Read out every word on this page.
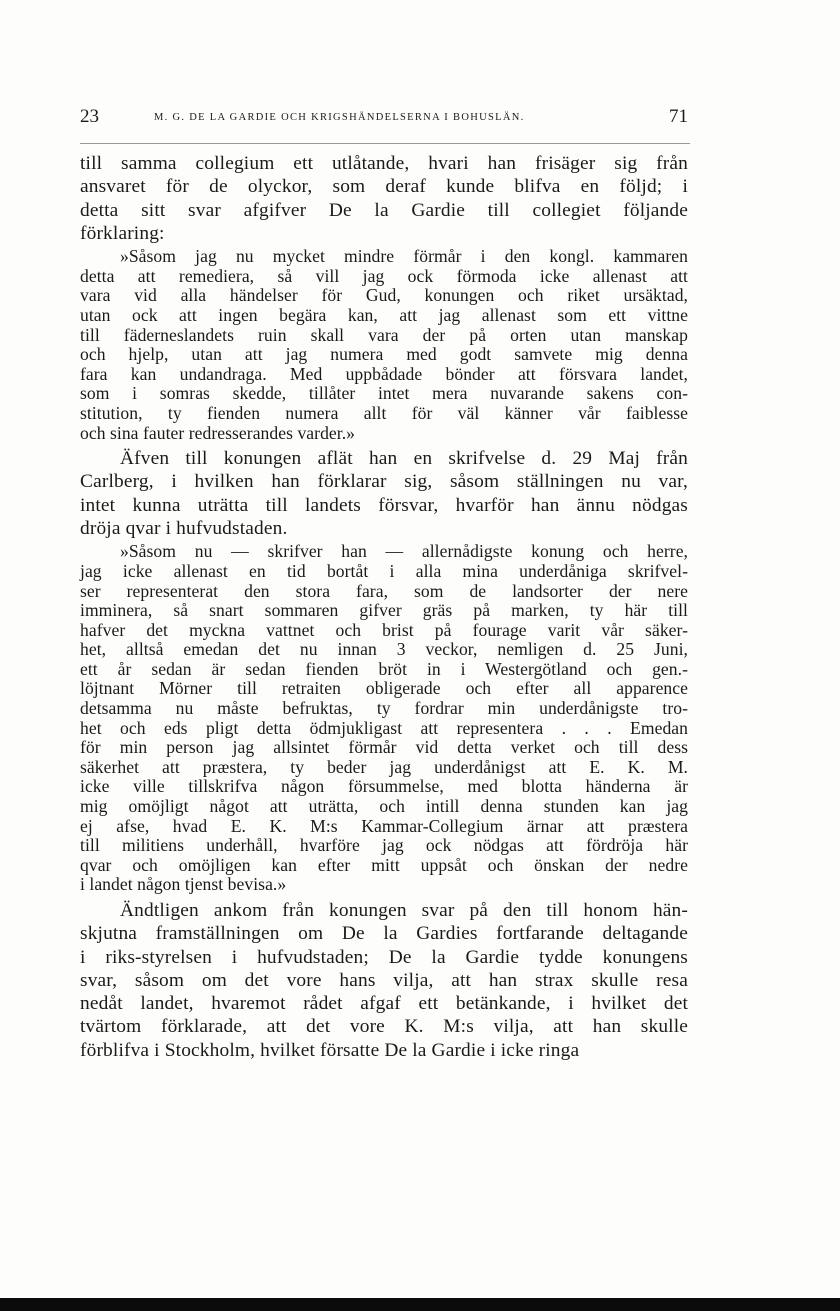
23	M. G. DE LA GARDIE OCH KRIGSHÄNDELSERNA I BOHUSLÄN.	71
till samma collegium ett utlåtande, hvari han frisäger sig från
ansvaret för de olyckor, som deraf kunde blifva en följd; i
detta sitt svar afgifver De la Gardie till collegiet följande
förklaring:
»Såsom jag nu mycket mindre förmår i den kongl. kammaren
detta att remediera, så vill jag ock förmoda icke allenast att
vara vid alla händelser för Gud, konungen och riket ursäktad,
utan ock att ingen begära kan, att jag allenast som ett vittne
till fäderneslandets ruin skall vara der på orten utan manskap
och hjelp, utan att jag numera med godt samvete mig denna
fara kan undandraga. Med uppbådade bönder att försvara landet,
som i somras skedde, tillåter intet mera nuvarande sakens con-
stitution, ty fienden numera allt för väl känner vår faiblesse
och sina fauter redresserandes varder.»
Äfven till konungen aflät han en skrifvelse d. 29 Maj från
Carlberg, i hvilken han förklarar sig, såsom ställningen nu var,
intet kunna uträtta till landets försvar, hvarför han ännu nödgas
dröja qvar i hufvudstaden.
»Såsom nu — skrifver han — allernådigste konung och herre,
jag icke allenast en tid bortåt i alla mina underdåniga skrifvel-
ser representerat den stora fara, som de landsorter der nere
imminera, så snart sommaren gifver gräs på marken, ty här till
hafver det myckna vattnet och brist på fourage varit vår säker-
het, alltså emedan det nu innan 3 veckor, nemligen d. 25 Juni,
ett år sedan är sedan fienden bröt in i Westergötland och gen.-
löjtnant Mörner till retraiten obligerade och efter all apparence
detsamma nu måste befruktas, ty fordrar min underdånigste tro-
het och eds pligt detta ödmjukligast att representera . . . Emedan
för min person jag allsintet förmår vid detta verket och till dess
säkerhet att præstera, ty beder jag underdånigst att E. K. M.
icke ville tillskrifva någon försummelse, med blotta händerna är
mig omöjligt något att uträtta, och intill denna stunden kan jag
ej afse, hvad E. K. M:s Kammar-Collegium ärnar att præstera
till militiens underhåll, hvarföre jag ock nödgas att fördröja här
qvar och omöjligen kan efter mitt uppsåt och önskan der nedre
i landet någon tjenst bevisa.»
Ändtligen ankom från konungen svar på den till honom hän-
skjutna framställningen om De la Gardies fortfarande deltagande
i riks-styrelsen i hufvudstaden; De la Gardie tydde konungens
svar, såsom om det vore hans vilja, att han strax skulle resa
nedåt landet, hvaremot rådet afgaf ett betänkande, i hvilket det
tvärtom förklarade, att det vore K. M:s vilja, att han skulle
förblifva i Stockholm, hvilket försatte De la Gardie i icke ringa
